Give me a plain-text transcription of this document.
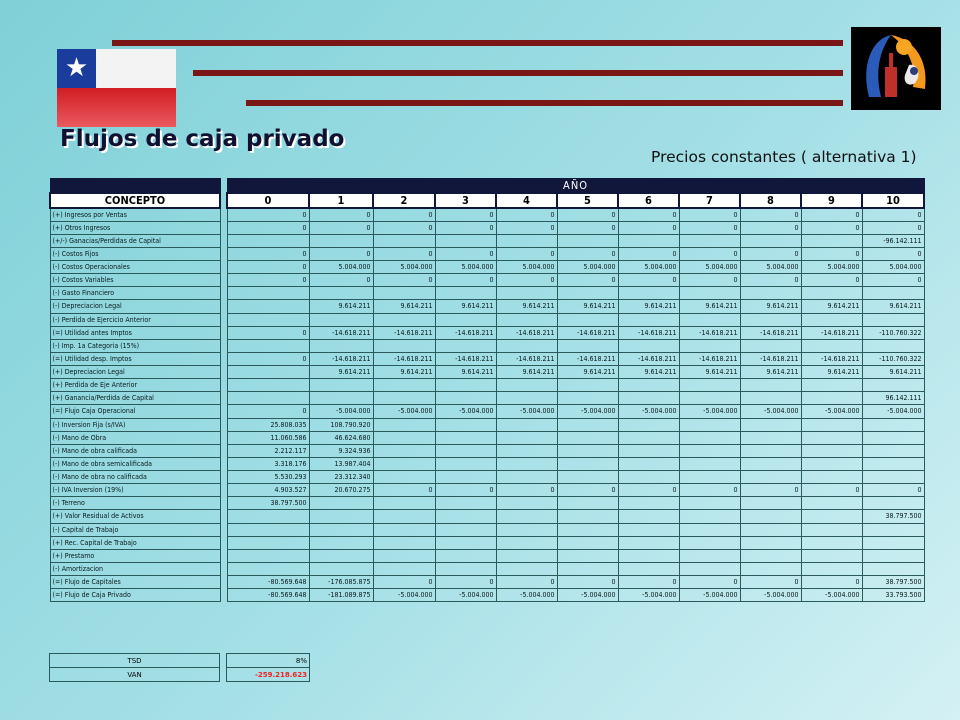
★
Flujos de caja privado
Precios constantes ( alternativa 1)
		AÑO										
CONCEPTO		0	1	2	3	4	5	6	7	8	9	10
(+) Ingresos por Ventas		0	0	0	0	0	0	0	0	0	0	0
(+) Otros Ingresos		0	0	0	0	0	0	0	0	0	0	0
(+/-) Ganacias/Perdidas de Capital												-96.142.111
(-) Costos Fijos		0	0	0	0	0	0	0	0	0	0	0
(-) Costos Operacionales		0	5.004.000	5.004.000	5.004.000	5.004.000	5.004.000	5.004.000	5.004.000	5.004.000	5.004.000	5.004.000
(-) Costos Variables		0	0	0	0	0	0	0	0	0	0	0
(-) Gasto Financiero												
(-) Depreciacion Legal			9.614.211	9.614.211	9.614.211	9.614.211	9.614.211	9.614.211	9.614.211	9.614.211	9.614.211	9.614.211
(-) Perdida de Ejercicio Anterior												
(=) Utilidad antes Imptos		0	-14.618.211	-14.618.211	-14.618.211	-14.618.211	-14.618.211	-14.618.211	-14.618.211	-14.618.211	-14.618.211	-110.760.322
(-) Imp. 1a Categoria (15%)												
(=) Utilidad desp. Imptos		0	-14.618.211	-14.618.211	-14.618.211	-14.618.211	-14.618.211	-14.618.211	-14.618.211	-14.618.211	-14.618.211	-110.760.322
(+) Depreciacion Legal			9.614.211	9.614.211	9.614.211	9.614.211	9.614.211	9.614.211	9.614.211	9.614.211	9.614.211	9.614.211
(+) Perdida de Eje Anterior												
(+) Ganancia/Perdida de Capital												96.142.111
(=) Flujo Caja Operacional		0	-5.004.000	-5.004.000	-5.004.000	-5.004.000	-5.004.000	-5.004.000	-5.004.000	-5.004.000	-5.004.000	-5.004.000
(-) Inversion Fija (s/IVA)		25.808.035	108.790.920									
(-) Mano de Obra		11.060.586	46.624.680									
(-) Mano de obra calificada		2.212.117	9.324.936									
(-) Mano de obra semicalificada		3.318.176	13.987.404									
(-) Mano de obra no calificada		5.530.293	23.312.340									
(-) IVA Inversion (19%)		4.903.527	20.670.275	0	0	0	0	0	0	0	0	0
(-) Terreno		38.797.500										
(+) Valor Residual de Activos												38.797.500
(-) Capital de Trabajo												
(+) Rec. Capital de Trabajo												
(+) Prestamo												
(-) Amortizacion												
(=) Flujo de Capitales		-80.569.648	-176.085.875	0	0	0	0	0	0	0	0	38.797.500
(=) Flujo de Caja Privado		-80.569.648	-181.089.875	-5.004.000	-5.004.000	-5.004.000	-5.004.000	-5.004.000	-5.004.000	-5.004.000	-5.004.000	33.793.500
TSD		8%
VAN		-259.218.623
